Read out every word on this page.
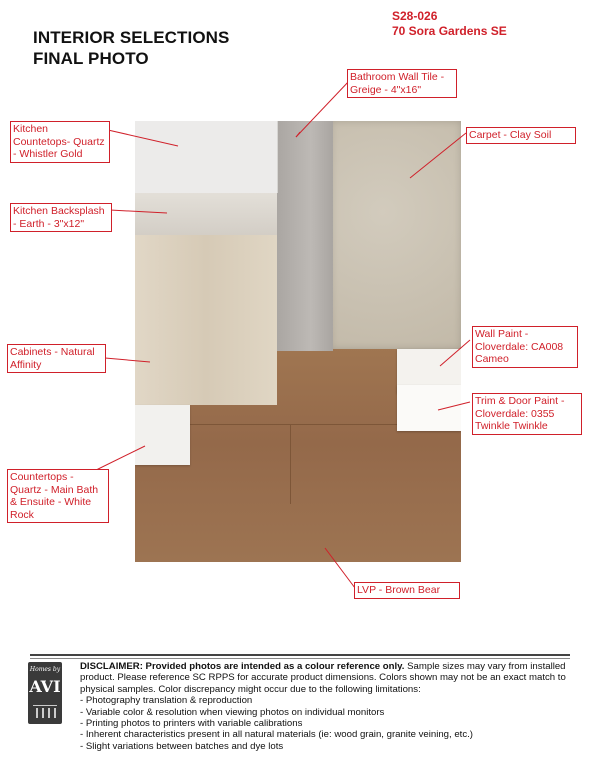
INTERIOR SELECTIONS
FINAL PHOTO
S28-026
70 Sora Gardens SE
Bathroom Wall Tile - Greige - 4"x16"
Carpet - Clay Soil
Kitchen Countetops- Quartz - Whistler Gold
Kitchen Backsplash - Earth - 3"x12"
Cabinets - Natural Affinity
Wall Paint - Cloverdale: CA008 Cameo
Trim & Door Paint - Cloverdale: 0355 Twinkle Twinkle
Countertops - Quartz - Main Bath & Ensuite - White Rock
LVP - Brown Bear
Homes by
AVI
DISCLAIMER: Provided photos are intended as a colour reference only. Sample sizes may vary from installed product. Please reference SC RPPS for accurate product dimensions. Colors shown may not be an exact match to physical samples. Color discrepancy might occur due to the following limitations:
- Photography translation & reproduction
- Variable color & resolution when viewing photos on individual monitors
- Printing photos to printers with variable calibrations
- Inherent characteristics present in all natural materials (ie: wood grain, granite veining, etc.)
- Slight variations between batches and dye lots
